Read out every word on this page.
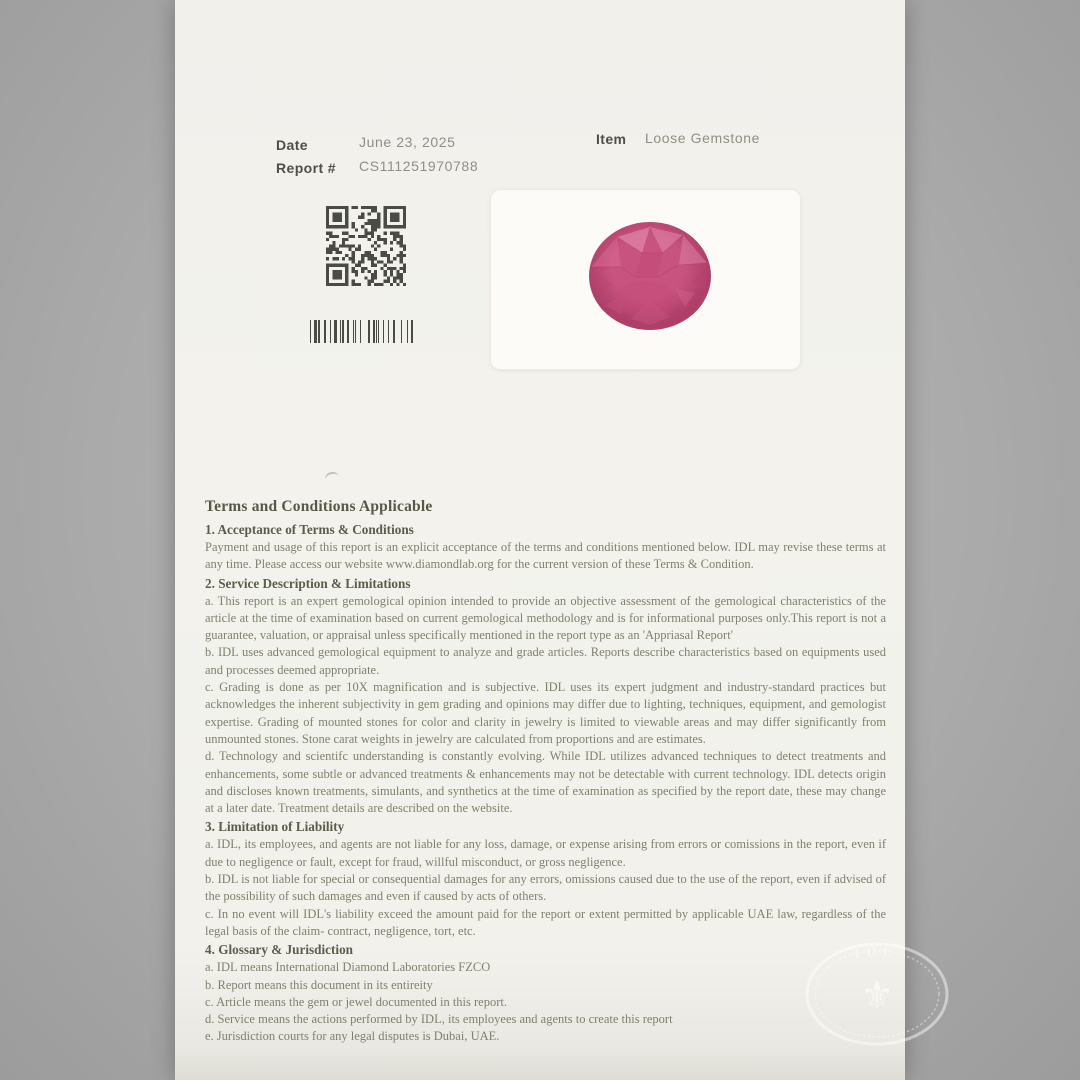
Date	June 23, 2025
Report # CS111251970788
Item Loose Gemstone
Terms and Conditions Applicable
1. Acceptance of Terms & Conditions
Payment and usage of this report is an explicit acceptance of the terms and conditions mentioned below. IDL may revise these terms at any time. Please access our website www.diamondlab.org for the current version of these Terms & Condition.
2. Service Description & Limitations
a. This report is an expert gemological opinion intended to provide an objective assessment of the gemological characteristics of the article at the time of examination based on current gemological methodology and is for informational purposes only.This report is not a guarantee, valuation, or appraisal unless specifically mentioned in the report type as an 'Appriasal Report'
b. IDL uses advanced gemological equipment to analyze and grade articles. Reports describe characteristics based on equipments used and processes deemed appropriate.
c. Grading is done as per 10X magnification and is subjective. IDL uses its expert judgment and industry-standard practices but acknowledges the inherent subjectivity in gem grading and opinions may differ due to lighting, techniques, equipment, and gemologist expertise. Grading of mounted stones for color and clarity in jewelry is limited to viewable areas and may differ significantly from unmounted stones. Stone carat weights in jewelry are calculated from proportions and are estimates.
d. Technology and scientifc understanding is constantly evolving. While IDL utilizes advanced techniques to detect treatments and enhancements, some subtle or advanced treatments & enhancements may not be detectable with current technology. IDL detects origin and discloses known treatments, simulants, and synthetics at the time of examination as specified by the report date, these may change at a later date. Treatment details are described on the website.
3. Limitation of Liability
a. IDL, its employees, and agents are not liable for any loss, damage, or expense arising from errors or comissions in the report, even if due to negligence or fault, except for fraud, willful misconduct, or gross negligence.
b. IDL is not liable for special or consequential damages for any errors, omissions caused due to the use of the report, even if advised of the possibility of such damages and even if caused by acts of others.
c. In no event will IDL's liability exceed the amount paid for the report or extent permitted by applicable UAE law, regardless of the legal basis of the claim- contract, negligence, tort, etc.
4. Glossary & Jurisdiction
a. IDL means International Diamond Laboratories FZCO
b. Report means this document in its entireity
c. Article means the gem or jewel documented in this report.
d. Service means the actions performed by IDL, its employees and agents to create this report
e. Jurisdiction courts for any legal disputes is Dubai, UAE.
IDL
⚜
